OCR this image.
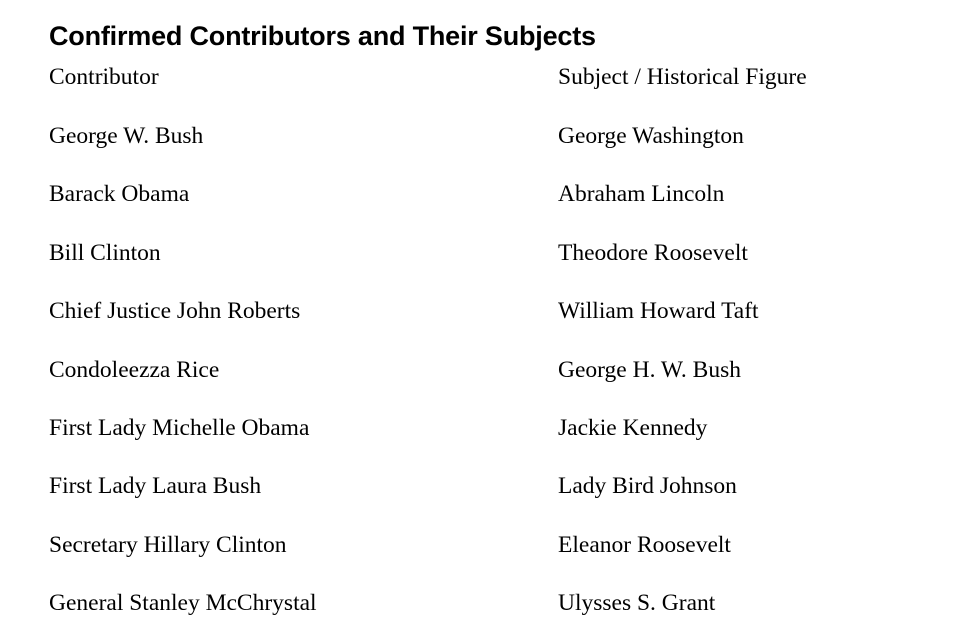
Confirmed Contributors and Their Subjects
Contributor	Subject / Historical Figure
George W. Bush	George Washington
Barack Obama	Abraham Lincoln
Bill Clinton	Theodore Roosevelt
Chief Justice John Roberts	William Howard Taft
Condoleezza Rice	George H. W. Bush
First Lady Michelle Obama	Jackie Kennedy
First Lady Laura Bush	Lady Bird Johnson
Secretary Hillary Clinton	Eleanor Roosevelt
General Stanley McChrystal	Ulysses S. Grant
